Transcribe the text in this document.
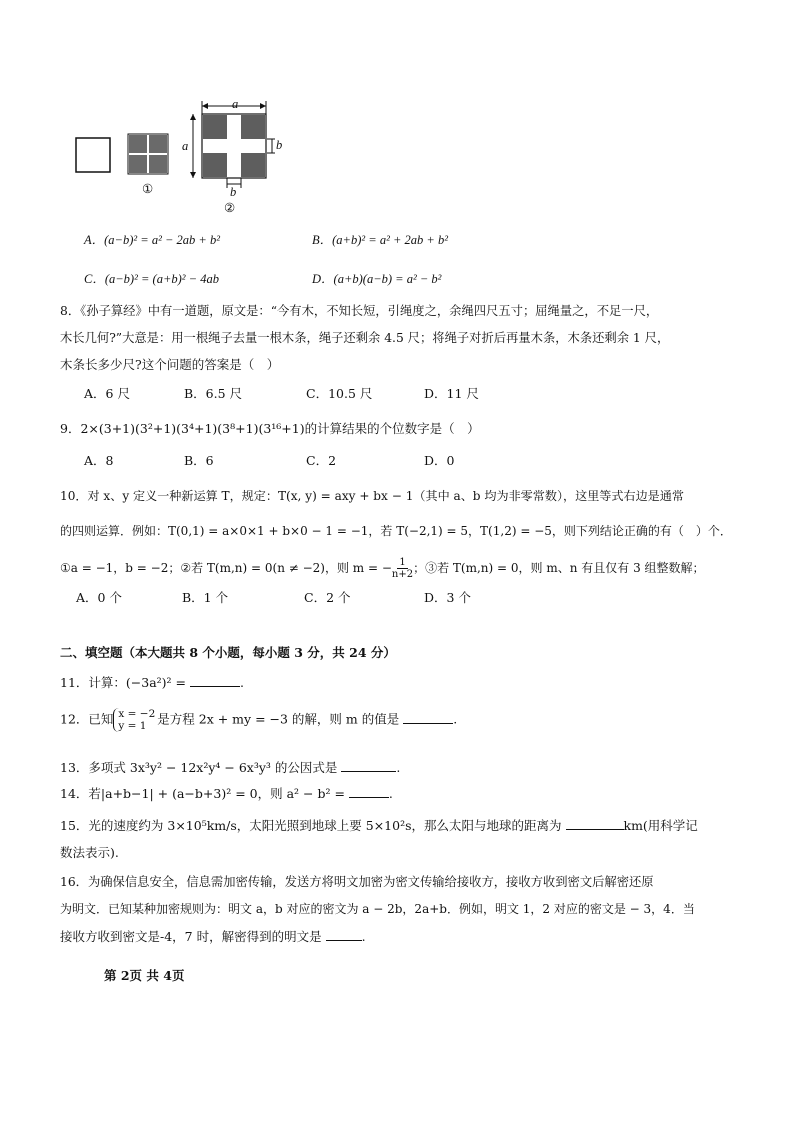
a
a	b
b
①
②
A．(a−b)² = a² − 2ab + b²	B．(a+b)² = a² + 2ab + b²
C．(a−b)² = (a+b)² − 4ab	D．(a+b)(a−b) = a² − b²
8．《孙子算经》中有一道题，原文是：“今有木，不知长短，引绳度之，余绳四尺五寸；屈绳量之，不足一尺，
木长几何?”大意是：用一根绳子去量一根木条，绳子还剩余 4.5 尺；将绳子对折后再量木条，木条还剩余 1 尺，
木条长多少尺?这个问题的答案是（　）
A．6 尺	B．6.5 尺	C．10.5 尺	D．11 尺
9．2×(3+1)(3²+1)(3⁴+1)(3⁸+1)(3¹⁶+1)的计算结果的个位数字是（　）
A．8	B．6	C．2	D．0
10．对 x、y 定义一种新运算 T，规定：T(x, y) = axy + bx − 1（其中 a、b 均为非零常数），这里等式右边是通常
的四则运算．例如：T(0,1) = a×0×1 + b×0 − 1 = −1，若 T(−2,1) = 5，T(1,2) = −5，则下列结论正确的有（　）个．
①a = −1，b = −2；②若 T(m,n) = 0(n ≠ −2)，则 m = − $\frac{1}{n+2}$ ；③若 T(m,n) = 0，则 m、n 有且仅有 3 组整数解；
A．0 个	B．1 个	C．2 个	D．3 个
二、填空题（本大题共 8 个小题，每小题 3 分，共 24 分）
11．计算：(−3a²)² =	.
12．已知 x = −2
y = 1 是方程 2x + my = −3 的解，则 m 的值是	.
13．多项式 3x³y² − 12x²y⁴ − 6x³y³ 的公因式是	.
14．若|a+b−1| + (a−b+3)² = 0，则 a² − b² =	.
15．光的速度约为 3×10⁵km/s，太阳光照到地球上要 5×10²s，那么太阳与地球的距离为	km(用科学记
数法表示).
16．为确保信息安全，信息需加密传输，发送方将明文加密为密文传输给接收方，接收方收到密文后解密还原
为明文．已知某种加密规则为：明文 a，b 对应的密文为 a − 2b，2a+b．例如，明文 1，2 对应的密文是 − 3，4．当
接收方收到密文是-4，7 时，解密得到的明文是	.
第 2页 共 4页
